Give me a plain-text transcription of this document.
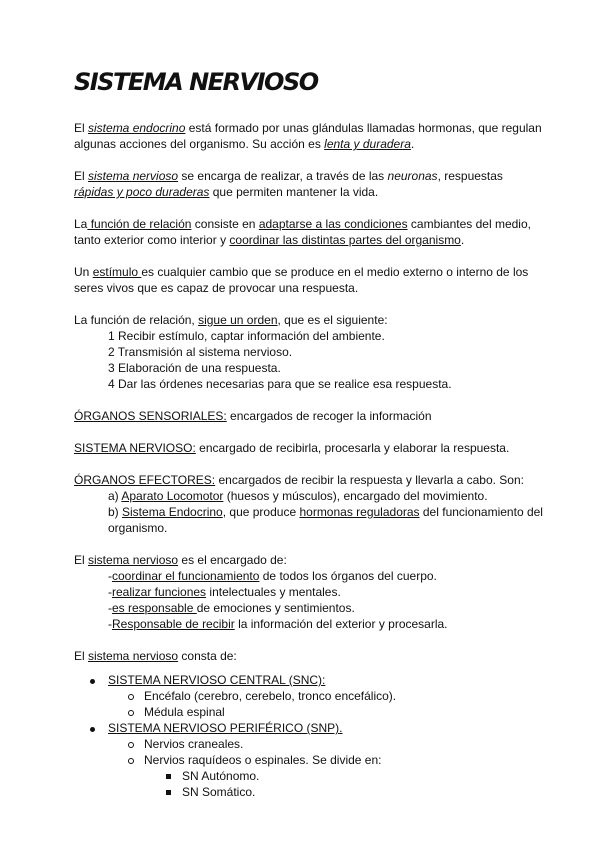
SISTEMA NERVIOSO

El sistema endocrino está formado por unas glándulas llamadas hormonas, que regulan algunas acciones del organismo. Su acción es lenta y duradera.

El sistema nervioso se encarga de realizar, a través de las neuronas, respuestas rápidas y poco duraderas que permiten mantener la vida.

La función de relación consiste en adaptarse a las condiciones cambiantes del medio, tanto exterior como interior y coordinar las distintas partes del organismo.

Un estímulo es cualquier cambio que se produce en el medio externo o interno de los seres vivos que es capaz de provocar una respuesta.

La función de relación, sigue un orden, que es el siguiente:
1 Recibir estímulo, captar información del ambiente.
2 Transmisión al sistema nervioso.
3 Elaboración de una respuesta.
4 Dar las órdenes necesarias para que se realice esa respuesta.

ÓRGANOS SENSORIALES: encargados de recoger la información

SISTEMA NERVIOSO: encargado de recibirla, procesarla y elaborar la respuesta.

ÓRGANOS EFECTORES: encargados de recibir la respuesta y llevarla a cabo. Son:
a) Aparato Locomotor (huesos y músculos), encargado del movimiento.
b) Sistema Endocrino, que produce hormonas reguladoras del funcionamiento del organismo.
El sistema nervioso es el encargado de:
-coordinar el funcionamiento de todos los órganos del cuerpo.
-realizar funciones intelectuales y mentales.
-es responsable de emociones y sentimientos.
-Responsable de recibir la información del exterior y procesarla.
El sistema nervioso consta de:
SISTEMA NERVIOSO CENTRAL (SNC):
Encéfalo (cerebro, cerebelo, tronco encefálico).
Médula espinal
SISTEMA NERVIOSO PERIFÉRICO (SNP).
Nervios craneales.
Nervios raquídeos o espinales. Se divide en:
SN Autónomo.
SN Somático.
